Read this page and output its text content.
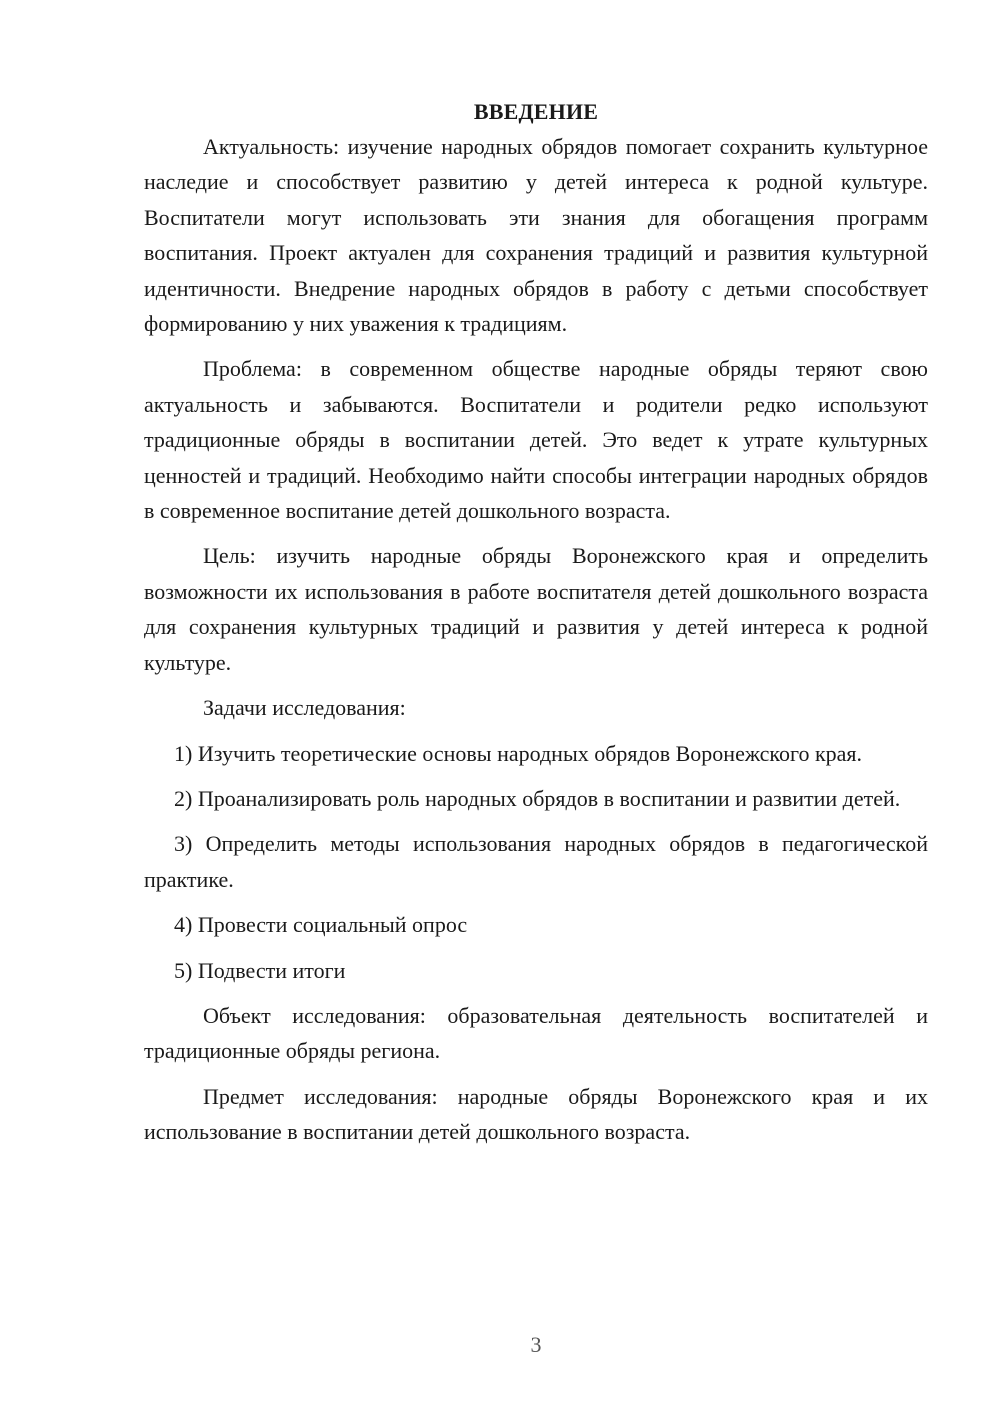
ВВЕДЕНИЕ

Актуальность: изучение народных обрядов помогает сохранить культурное наследие и способствует развитию у детей интереса к родной культуре. Воспитатели могут использовать эти знания для обогащения программ воспитания. Проект актуален для сохранения традиций и развития культурной идентичности. Внедрение народных обрядов в работу с детьми способствует формированию у них уважения к традициям.

Проблема: в современном обществе народные обряды теряют свою актуальность и забываются. Воспитатели и родители редко используют традиционные обряды в воспитании детей. Это ведет к утрате культурных ценностей и традиций. Необходимо найти способы интеграции народных обрядов в современное воспитание детей дошкольного возраста.

Цель: изучить народные обряды Воронежского края и определить возможности их использования в работе воспитателя детей дошкольного возраста для сохранения культурных традиций и развития у детей интереса к родной культуре.

Задачи исследования:

1) Изучить теоретические основы народных обрядов Воронежского края.

2) Проанализировать роль народных обрядов в воспитании и развитии детей.

3) Определить методы использования народных обрядов в педагогической практике.

4) Провести социальный опрос

5) Подвести итоги

Объект исследования: образовательная деятельность воспитателей и традиционные обряды региона.

Предмет исследования: народные обряды Воронежского края и их использование в воспитании детей дошкольного возраста.

3
